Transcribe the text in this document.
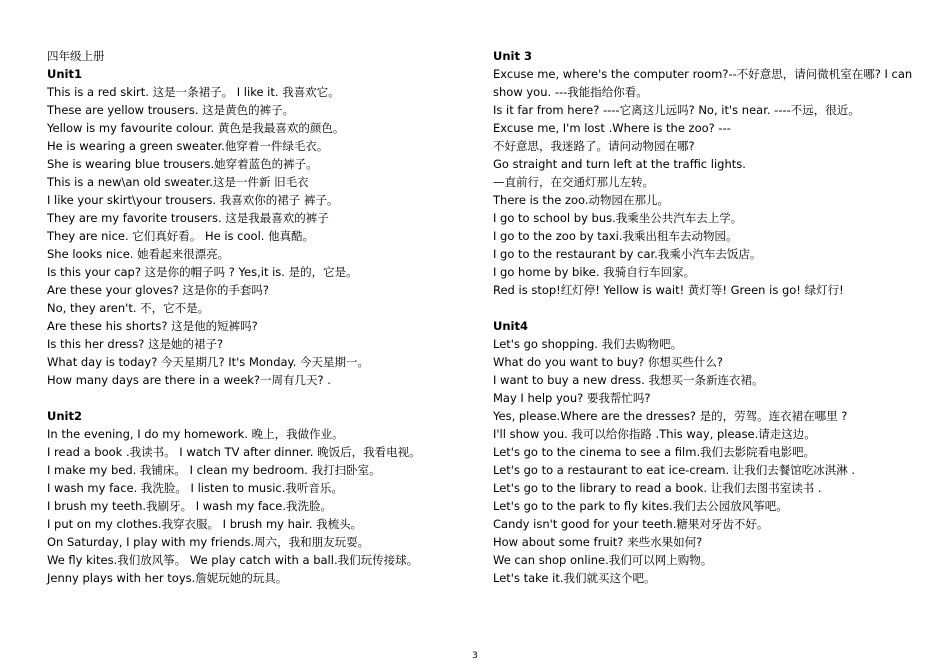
四年级上册
Unit1
This is a red skirt. 这是一条裙子。 I like it. 我喜欢它。
These are yellow trousers. 这是黄色的裤子。
Yellow is my favourite colour. 黄色是我最喜欢的颜色。
He is wearing a green sweater.他穿着一件绿毛衣。
She is wearing blue trousers.她穿着蓝色的裤子。
This is a new\an old sweater.这是一件新 旧毛衣
I like your skirt\your trousers. 我喜欢你的裙子 裤子。
They are my favorite trousers. 这是我最喜欢的裤子
They are nice. 它们真好看。 He is cool. 他真酷。
She looks nice. 她看起来很漂亮。
Is this your cap? 这是你的帽子吗 ? Yes,it is. 是的，它是。
Are these your gloves? 这是你的手套吗?
No, they aren't. 不，它不是。
Are these his shorts? 这是他的短裤吗?
Is this her dress? 这是她的裙子?
What day is today? 今天星期几? It's Monday. 今天星期一。
How many days are there in a week?一周有几天? .
Unit2
In the evening, I do my homework. 晚上，我做作业。
I read a book .我读书。 I watch TV after dinner. 晚饭后，我看电视。
I make my bed. 我铺床。 I clean my bedroom. 我打扫卧室。
I wash my face. 我洗脸。 I listen to music.我听音乐。
I brush my teeth.我刷牙。 I wash my face.我洗脸。
I put on my clothes.我穿衣服。 I brush my hair. 我梳头。
On Saturday, I play with my friends.周六，我和朋友玩耍。
We fly kites.我们放风筝。 We play catch with a ball.我们玩传接球。
Jenny plays with her toys.詹妮玩她的玩具。
Unit 3
Excuse me, where's the computer room?--不好意思，请问微机室在哪? I can show you. ---我能指给你看。
Is it far from here? ----它离这儿远吗? No, it's near. ----不远，很近。
Excuse me, I'm lost .Where is the zoo? ---
不好意思，我迷路了。请问动物园在哪?
Go straight and turn left at the traffic lights.
—直前行，在交通灯那儿左转。
There is the zoo.动物园在那儿。
I go to school by bus.我乘坐公共汽车去上学。
I go to the zoo by taxi.我乘出租车去动物园。
I go to the restaurant by car.我乘小汽车去饭店。
I go home by bike. 我骑自行车回家。
Red is stop!红灯停! Yellow is wait! 黄灯等! Green is go! 绿灯行!
Unit4
Let's go shopping. 我们去购物吧。
What do you want to buy? 你想买些什么?
I want to buy a new dress. 我想买一条新连衣裙。
May I help you? 要我帮忙吗?
Yes, please.Where are the dresses? 是的，劳驾。连衣裙在哪里 ?
I'll show you. 我可以给你指路 .This way, please.请走这边。
Let's go to the cinema to see a film.我们去影院看电影吧。
Let's go to a restaurant to eat ice-cream. 让我们去餐馆吃冰淇淋 .
Let's go to the library to read a book. 让我们去图书室读书 .
Let's go to the park to fly kites.我们去公园放风筝吧。
Candy isn't good for your teeth.糖果对牙齿不好。
How about some fruit? 来些水果如何?
We can shop online.我们可以网上购物。
Let's take it.我们就买这个吧。
3
